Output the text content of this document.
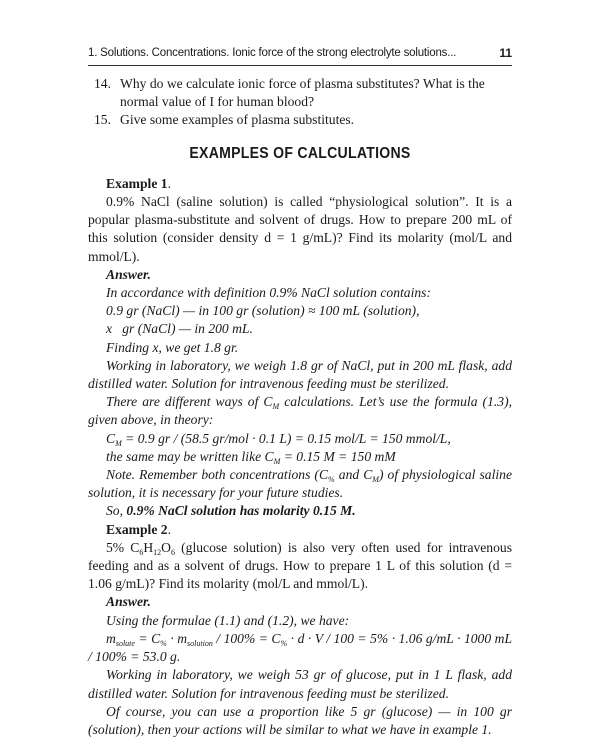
1. Solutions. Concentrations. Ionic force of the strong electrolyte solutions...	11
14. Why do we calculate ionic force of plasma substitutes? What is the normal value of I for human blood?
15. Give some examples of plasma substitutes.
EXAMPLES OF CALCULATIONS

Example 1.

0.9% NaCl (saline solution) is called “physiological solution”. It is a popular plasma-substitute and solvent of drugs. How to prepare 200 mL of this solution (consider density d = 1 g/mL)? Find its molarity (mol/L and mmol/L).

Answer.

In accordance with definition 0.9% NaCl solution contains:

0.9 gr (NaCl) — in 100 gr (solution) ≈ 100 mL (solution),

x   gr (NaCl) — in 200 mL.

Finding x, we get 1.8 gr.

Working in laboratory, we weigh 1.8 gr of NaCl, put in 200 mL flask, add distilled water. Solution for intravenous feeding must be sterilized.

There are different ways of $C_M$ calculations. Let’s use the formula (1.3), given above, in theory:

$C_M = 0.9$ gr / (58.5 gr/mol · 0.1 L) = 0.15 mol/L = 150 mmol/L,

the same may be written like $C_M = 0.15$ M = 150 mM

Note. Remember both concentrations ($C_{\%}$ and $C_M$) of physiological saline solution, it is necessary for your future studies.

So, 0.9% NaCl solution has molarity 0.15 M.

Example 2.

5% $C_6H_{12}O_6$ (glucose solution) is also very often used for intravenous feeding and as a solvent of drugs. How to prepare 1 L of this solution (d = 1.06 g/mL)? Find its molarity (mol/L and mmol/L).

Answer.

Using the formulae (1.1) and (1.2), we have:

$m_{solute} = C_{\%} \cdot m_{solution} / 100\% = C_{\%} \cdot d \cdot V / 100 = 5\% \cdot 1.06$ g/mL · 1000 mL / 100% = 53.0 g.

Working in laboratory, we weigh 53 gr of glucose, put in 1 L flask, add distilled water. Solution for intravenous feeding must be sterilized.

Of course, you can use a proportion like 5 gr (glucose) — in 100 gr (solution), then your actions will be similar to what we have in example 1.
